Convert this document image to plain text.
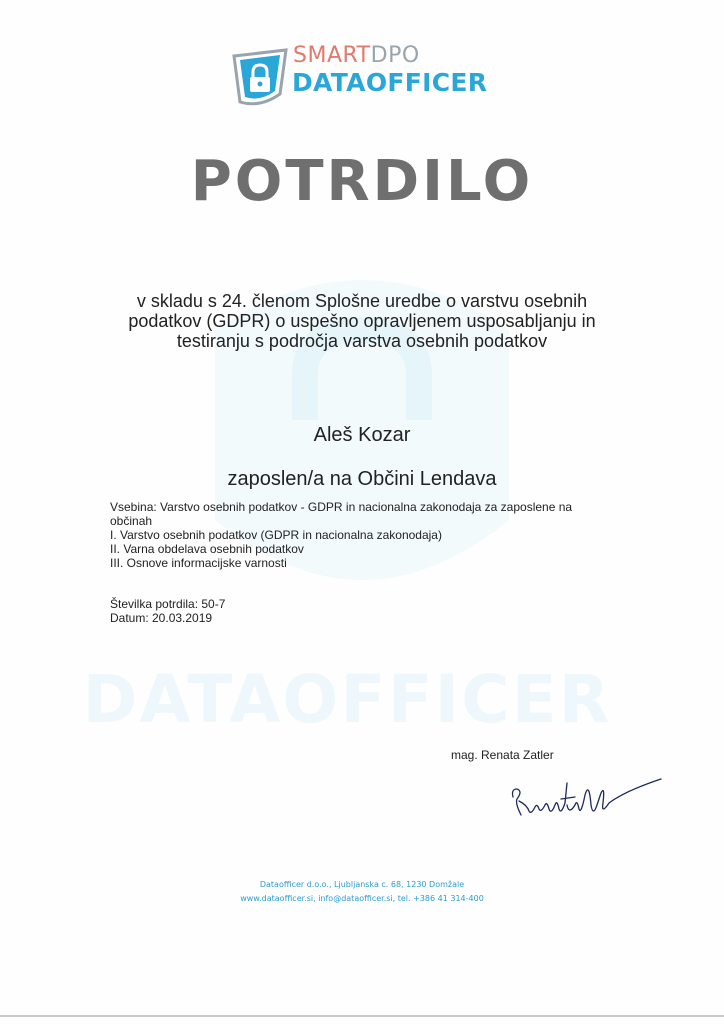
DATAOFFICER
SMARTDPO
DATAOFFICER
POTRDILO
v skladu s 24. členom Splošne uredbe o varstvu osebnih
podatkov (GDPR) o uspešno opravljenem usposabljanju in
testiranju s področja varstva osebnih podatkov
Aleš Kozar
zaposlen/a na Občini Lendava
Vsebina: Varstvo osebnih podatkov - GDPR in nacionalna zakonodaja za zaposlene na
občinah
I. Varstvo osebnih podatkov (GDPR in nacionalna zakonodaja)
II. Varna obdelava osebnih podatkov
III. Osnove informacijske varnosti
Številka potrdila: 50-7
Datum: 20.03.2019
mag. Renata Zatler
Dataofficer d.o.o., Ljubljanska c. 68, 1230 Domžale
www.dataofficer.si, info@dataofficer.si, tel. +386 41 314-400
